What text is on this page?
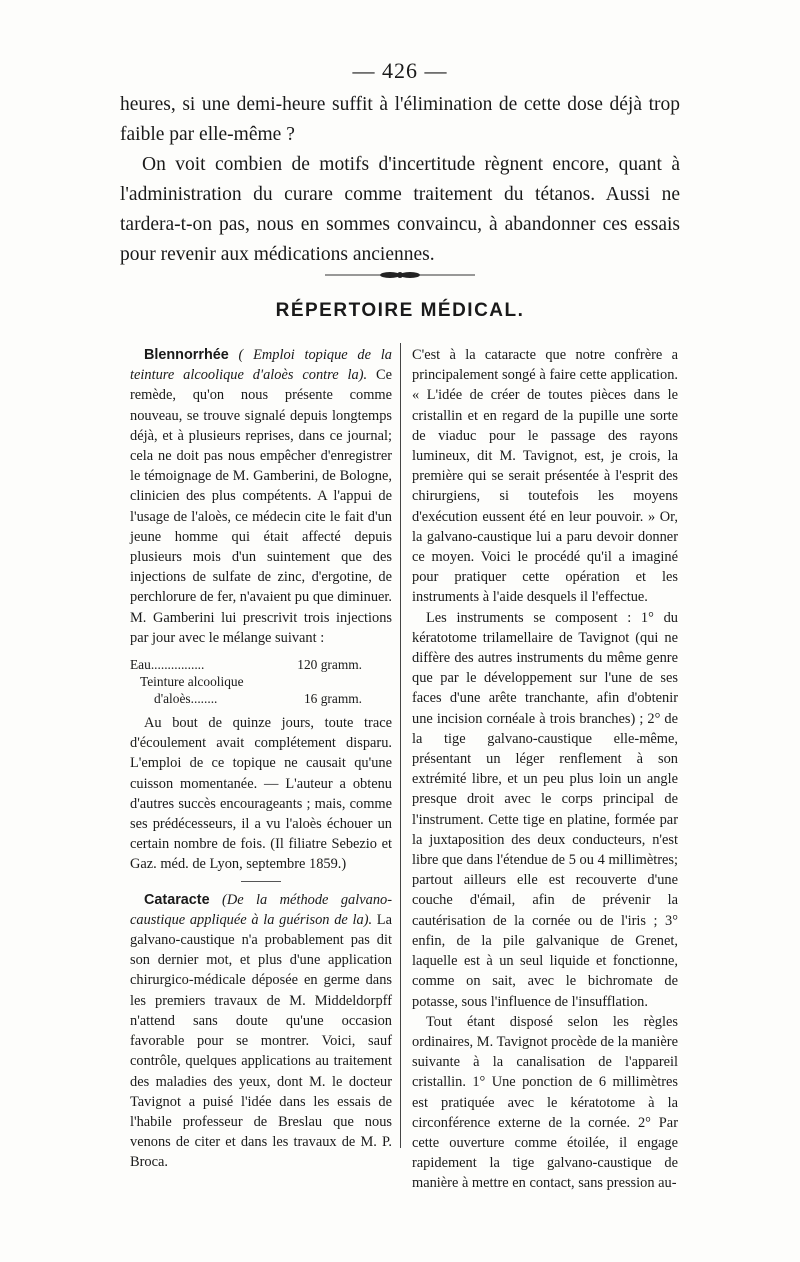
— 426 —

heures, si une demi-heure suffit à l'élimination de cette dose déjà trop faible par elle-même ?

On voit combien de motifs d'incertitude règnent encore, quant à l'administration du curare comme traitement du tétanos. Aussi ne tardera-t-on pas, nous en sommes convaincu, à abandonner ces essais pour revenir aux médications anciennes.

RÉPERTOIRE MÉDICAL.

Blennorrhée ( Emploi topique de la teinture alcoolique d'aloès contre la). Ce remède, qu'on nous présente comme nouveau, se trouve signalé depuis longtemps déjà, et à plusieurs reprises, dans ce journal; cela ne doit pas nous empêcher d'enregistrer le témoignage de M. Gamberini, de Bologne, clinicien des plus compétents. A l'appui de l'usage de l'aloès, ce médecin cite le fait d'un jeune homme qui était affecté depuis plusieurs mois d'un suintement que des injections de sulfate de zinc, d'ergotine, de perchlorure de fer, n'avaient pu que diminuer. M. Gamberini lui prescrivit trois injections par jour avec le mélange suivant :

Eau................	120 gramm.
Teinture alcoolique
d'aloès........	16 gramm.

Au bout de quinze jours, toute trace d'écoulement avait complétement disparu. L'emploi de ce topique ne causait qu'une cuisson momentanée. — L'auteur a obtenu d'autres succès encourageants ; mais, comme ses prédécesseurs, il a vu l'aloès échouer un certain nombre de fois. (Il filiatre Sebezio et Gaz. méd. de Lyon, septembre 1859.)

Cataracte (De la méthode galvano-caustique appliquée à la guérison de la). La galvano-caustique n'a probablement pas dit son dernier mot, et plus d'une application chirurgico-médicale déposée en germe dans les premiers travaux de M. Middeldorpff n'attend sans doute qu'une occasion favorable pour se montrer. Voici, sauf contrôle, quelques applications au traitement des maladies des yeux, dont M. le docteur Tavignot a puisé l'idée dans les essais de l'habile professeur de Breslau que nous venons de citer et dans les travaux de M. P. Broca.

C'est à la cataracte que notre confrère a principalement songé à faire cette application. « L'idée de créer de toutes pièces dans le cristallin et en regard de la pupille une sorte de viaduc pour le passage des rayons lumineux, dit M. Tavignot, est, je crois, la première qui se serait présentée à l'esprit des chirurgiens, si toutefois les moyens d'exécution eussent été en leur pouvoir. » Or, la galvano-caustique lui a paru devoir donner ce moyen. Voici le procédé qu'il a imaginé pour pratiquer cette opération et les instruments à l'aide desquels il l'effectue.

Les instruments se composent : 1° du kératotome trilamellaire de Tavignot (qui ne diffère des autres instruments du même genre que par le développement sur l'une de ses faces d'une arête tranchante, afin d'obtenir une incision cornéale à trois branches) ; 2° de la tige galvano-caustique elle-même, présentant un léger renflement à son extrémité libre, et un peu plus loin un angle presque droit avec le corps principal de l'instrument. Cette tige en platine, formée par la juxtaposition des deux conducteurs, n'est libre que dans l'étendue de 5 ou 4 millimètres; partout ailleurs elle est recouverte d'une couche d'émail, afin de prévenir la cautérisation de la cornée ou de l'iris ; 3° enfin, de la pile galvanique de Grenet, laquelle est à un seul liquide et fonctionne, comme on sait, avec le bichromate de potasse, sous l'influence de l'insufflation.

Tout étant disposé selon les règles ordinaires, M. Tavignot procède de la manière suivante à la canalisation de l'appareil cristallin. 1° Une ponction de 6 millimètres est pratiquée avec le kératotome à la circonférence externe de la cornée. 2° Par cette ouverture comme étoilée, il engage rapidement la tige galvano-caustique de manière à mettre en contact, sans pression au-
